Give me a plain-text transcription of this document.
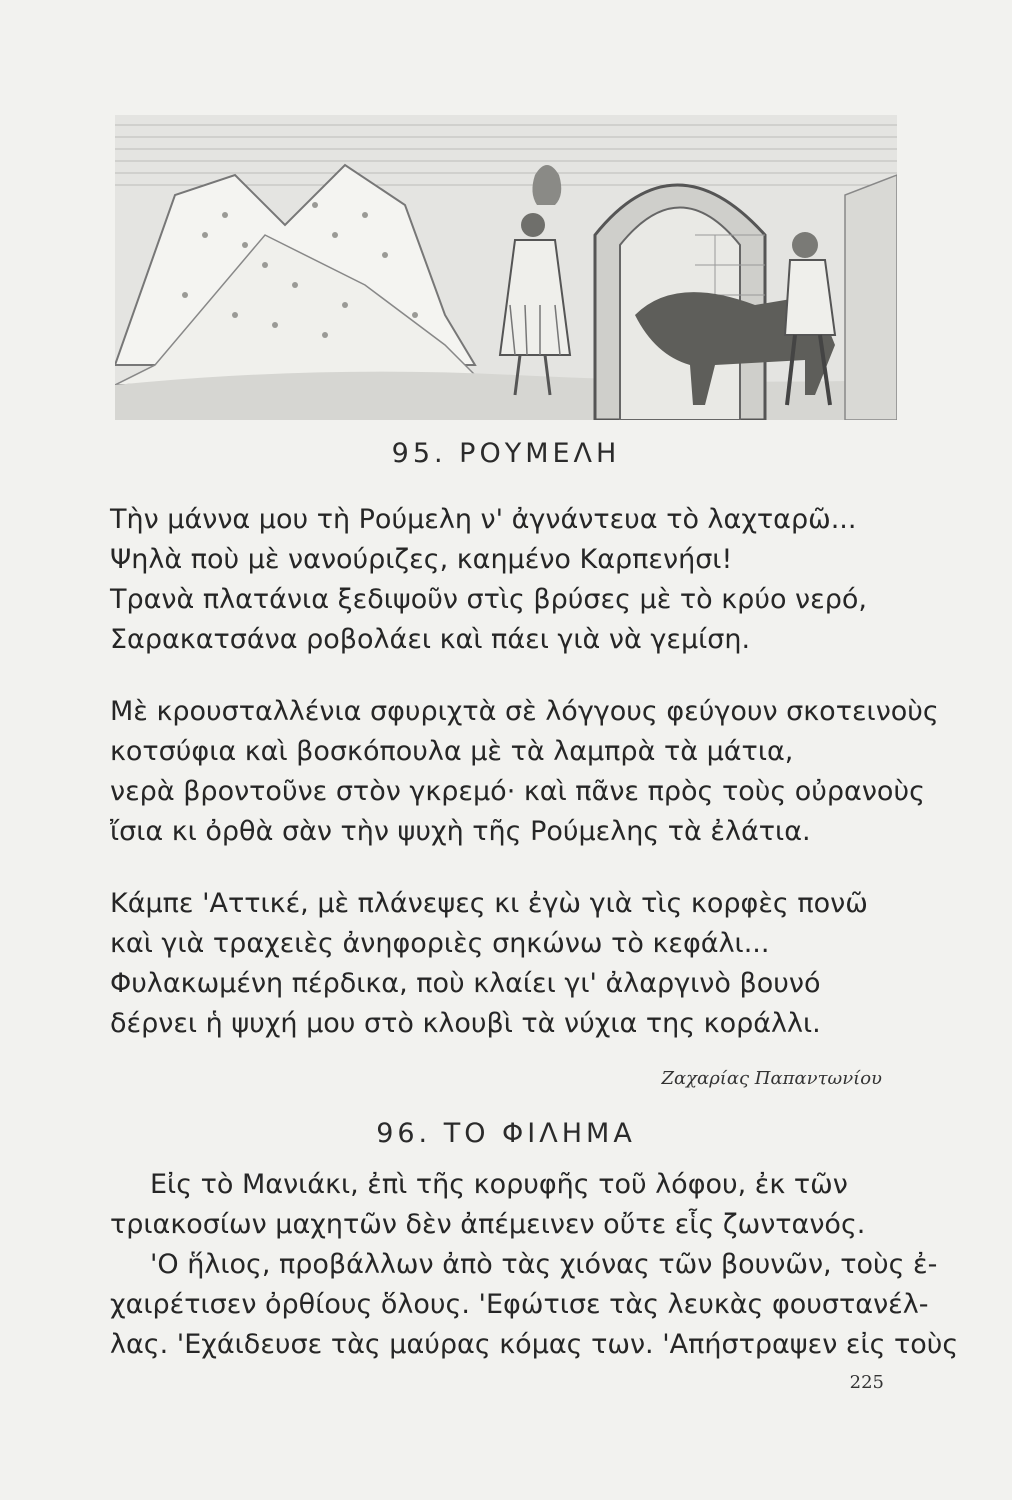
95. ΡΟΥΜΕΛΗ
Τὴν μάννα μου τὴ Ρούμελη ν' ἀγνάντευα τὸ λαχταρῶ...
Ψηλὰ ποὺ μὲ νανούριζες, καημένο Καρπενήσι!
Τρανὰ πλατάνια ξεδιψοῦν στὶς βρύσες μὲ τὸ κρύο νερό,
Σαρακατσάνα ροβολάει καὶ πάει γιὰ νὰ γεμίση.
Μὲ κρουσταλλένια σφυριχτὰ σὲ λόγγους φεύγουν σκοτεινοὺς
κοτσύφια καὶ βοσκόπουλα μὲ τὰ λαμπρὰ τὰ μάτια,
νερὰ βροντοῦνε στὸν γκρεμό· καὶ πᾶνε πρὸς τοὺς οὐρανοὺς
ἴσια κι ὀρθὰ σὰν τὴν ψυχὴ τῆς Ρούμελης τὰ ἐλάτια.
Κάμπε 'Αττικέ, μὲ πλάνεψες κι ἐγὼ γιὰ τὶς κορφὲς πονῶ
καὶ γιὰ τραχειὲς ἀνηφοριὲς σηκώνω τὸ κεφάλι...
Φυλακωμένη πέρδικα, ποὺ κλαίει γι' ἀλαργινὸ βουνό
δέρνει ἡ ψυχή μου στὸ κλουβὶ τὰ νύχια της κοράλλι.
Ζαχαρίας Παπαντωνίου
96. ΤΟ ΦΙΛΗΜΑ
Εἰς τὸ Μανιάκι, ἐπὶ τῆς κορυφῆς τοῦ λόφου, ἐκ τῶν
τριακοσίων μαχητῶν δὲν ἀπέμεινεν οὔτε εἷς ζωντανός.
'Ο ἥλιος, προβάλλων ἀπὸ τὰς χιόνας τῶν βουνῶν, τοὺς ἐ-
χαιρέτισεν ὀρθίους ὅλους. 'Εφώτισε τὰς λευκὰς φουστανέλ-
λας. 'Εχάιδευσε τὰς μαύρας κόμας των. 'Απήστραψεν εἰς τοὺς
225
